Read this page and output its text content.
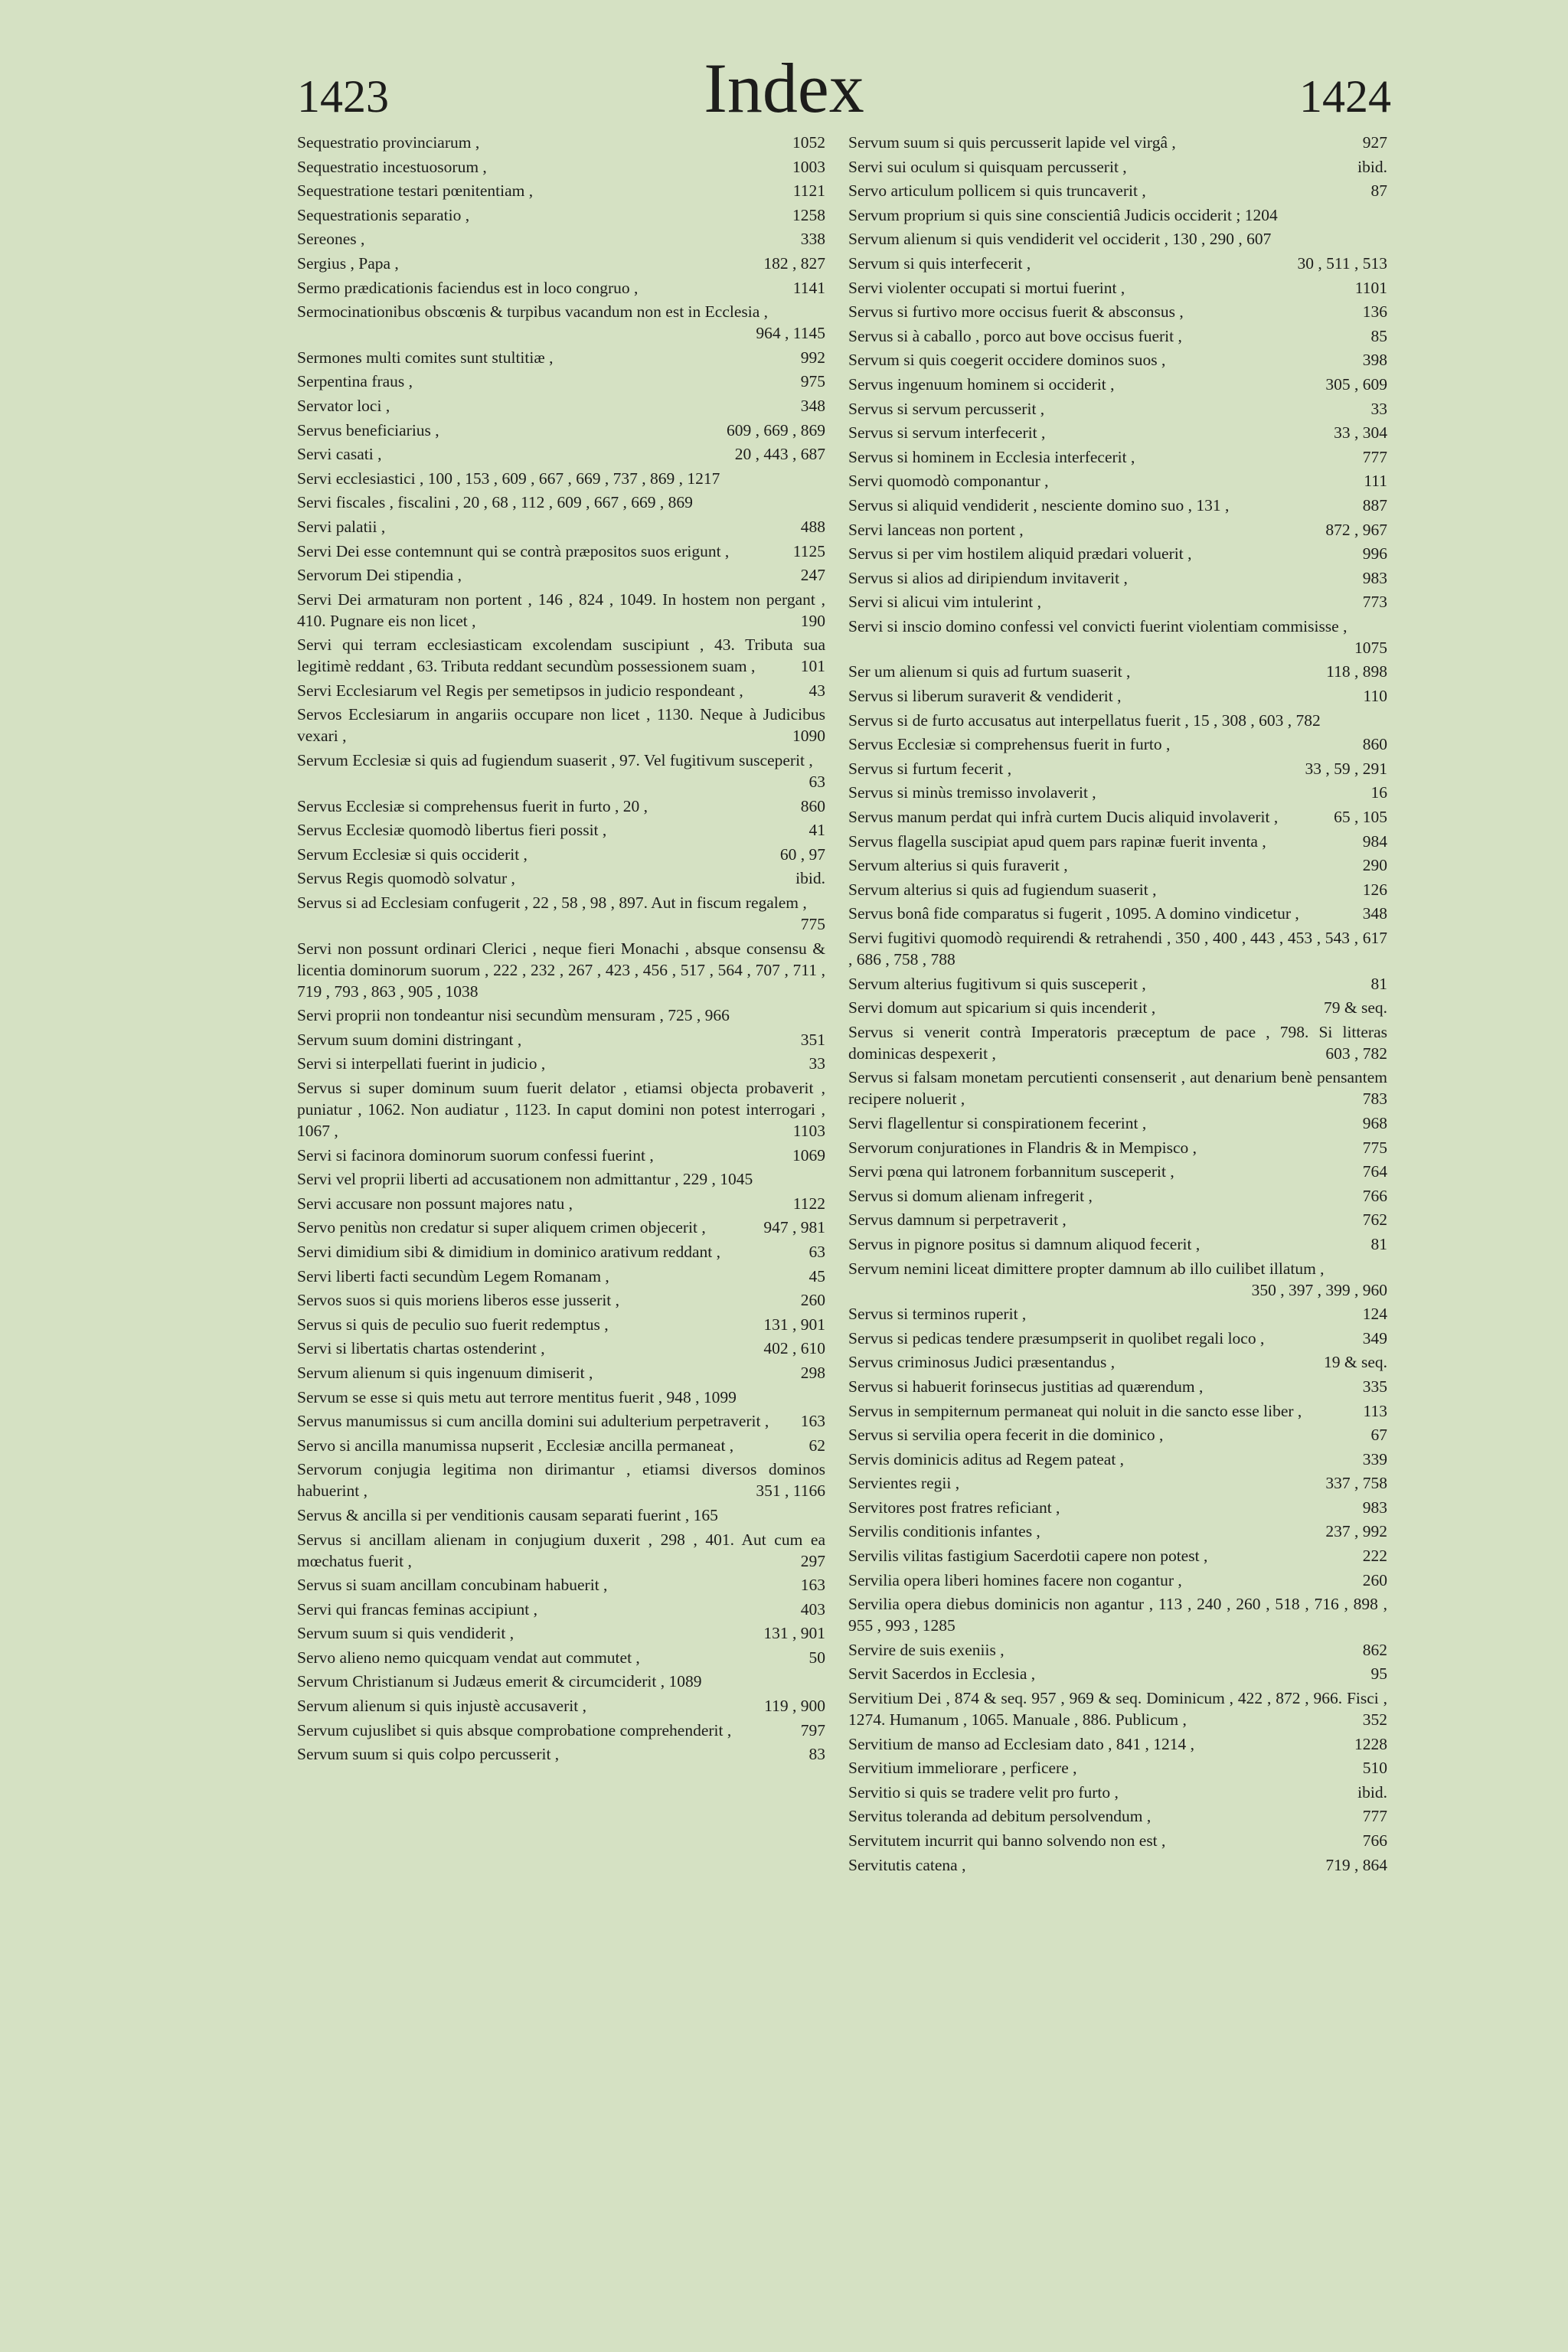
1423	Index	1424
Sequestratio provinciarum ,	1052
Sequestratio incestuosorum ,	1003
Sequestratione testari pœnitentiam ,	1121
Sequestrationis separatio ,	1258
Sereones ,	338
Sergius , Papa ,	182 , 827
Sermo prædicationis faciendus est in loco congruo ,	1141
Sermocinationibus obscœnis & turpibus vacandum non est in Ecclesia ,
964 , 1145
Sermones multi comites sunt stultitiæ ,	992
Serpentina fraus ,	975
Servator loci ,	348
Servus beneficiarius ,	609 , 669 , 869
Servi casati ,	20 , 443 , 687
Servi ecclesiastici , 100 , 153 , 609 , 667 , 669 , 737 , 869 , 1217
Servi fiscales , fiscalini , 20 , 68 , 112 , 609 , 667 , 669 , 869
Servi palatii ,	488
Servi Dei esse contemnunt qui se contrà præpositos suos erigunt ,	1125
Servorum Dei stipendia ,	247
Servi Dei armaturam non portent , 146 , 824 , 1049. In hostem non pergant , 410. Pugnare eis non licet ,	190
Servi qui terram ecclesiasticam excolendam suscipiunt , 43. Tributa sua legitimè reddant , 63. Tributa reddant secundùm possessionem suam ,	101
Servi Ecclesiarum vel Regis per semetipsos in judicio respondeant ,	43
Servos Ecclesiarum in angariis occupare non licet , 1130. Neque à Judicibus vexari ,	1090
Servum Ecclesiæ si quis ad fugiendum suaserit , 97. Vel fugitivum susceperit ,
63
Servus Ecclesiæ si comprehensus fuerit in furto , 20 ,	860
Servus Ecclesiæ quomodò libertus fieri possit ,	41
Servum Ecclesiæ si quis occiderit ,	60 , 97
Servus Regis quomodò solvatur ,	ibid.
Servus si ad Ecclesiam confugerit , 22 , 58 , 98 , 897. Aut in fiscum regalem ,
775
Servi non possunt ordinari Clerici , neque fieri Monachi , absque consensu & licentia dominorum suorum , 222 , 232 , 267 , 423 , 456 , 517 , 564 , 707 , 711 , 719 , 793 , 863 , 905 , 1038
Servi proprii non tondeantur nisi secundùm mensuram , 725 , 966
Servum suum domini distringant ,	351
Servi si interpellati fuerint in judicio ,	33
Servus si super dominum suum fuerit delator , etiamsi objecta probaverit , puniatur , 1062. Non audiatur , 1123. In caput domini non potest interrogari , 1067 ,	1103
Servi si facinora dominorum suorum confessi fuerint ,	1069
Servi vel proprii liberti ad accusationem non admittantur , 229 , 1045
Servi accusare non possunt majores natu ,	1122
Servo penitùs non credatur si super aliquem crimen objecerit ,	947 , 981
Servi dimidium sibi & dimidium in dominico arativum reddant ,	63
Servi liberti facti secundùm Legem Romanam ,	45
Servos suos si quis moriens liberos esse jusserit ,	260
Servus si quis de peculio suo fuerit redemptus ,	131 , 901
Servi si libertatis chartas ostenderint ,	402 , 610
Servum alienum si quis ingenuum dimiserit ,	298
Servum se esse si quis metu aut terrore mentitus fuerit , 948 , 1099
Servus manumissus si cum ancilla domini sui adulterium perpetraverit ,	163
Servo si ancilla manumissa nupserit , Ecclesiæ ancilla permaneat ,	62
Servorum conjugia legitima non dirimantur , etiamsi diversos dominos habuerint ,	351 , 1166
Servus & ancilla si per venditionis causam separati fuerint , 165
Servus si ancillam alienam in conjugium duxerit , 298 , 401. Aut cum ea mœchatus fuerit ,	297
Servus si suam ancillam concubinam habuerit ,	163
Servi qui francas feminas accipiunt ,	403
Servum suum si quis vendiderit ,	131 , 901
Servo alieno nemo quicquam vendat aut commutet ,	50
Servum Christianum si Judæus emerit & circumciderit , 1089
Servum alienum si quis injustè accusaverit ,	119 , 900
Servum cujuslibet si quis absque comprobatione comprehenderit ,	797
Servum suum si quis colpo percusserit ,	83
Servum suum si quis percusserit lapide vel virgâ ,	927
Servi sui oculum si quisquam percusserit ,	ibid.
Servo articulum pollicem si quis truncaverit ,	87
Servum proprium si quis sine conscientiâ Judicis occiderit ; 1204
Servum alienum si quis vendiderit vel occiderit , 130 , 290 , 607
Servum si quis interfecerit ,	30 , 511 , 513
Servi violenter occupati si mortui fuerint ,	1101
Servus si furtivo more occisus fuerit & absconsus ,	136
Servus si à caballo , porco aut bove occisus fuerit ,	85
Servum si quis coegerit occidere dominos suos ,	398
Servus ingenuum hominem si occiderit ,	305 , 609
Servus si servum percusserit ,	33
Servus si servum interfecerit ,	33 , 304
Servus si hominem in Ecclesia interfecerit ,	777
Servi quomodò componantur ,	111
Servus si aliquid vendiderit , nesciente domino suo , 131 ,	887
Servi lanceas non portent ,	872 , 967
Servus si per vim hostilem aliquid prædari voluerit ,	996
Servus si alios ad diripiendum invitaverit ,	983
Servi si alicui vim intulerint ,	773
Servi si inscio domino confessi vel convicti fuerint violentiam commisisse ,
1075
Ser um alienum si quis ad furtum suaserit ,	118 , 898
Servus si liberum suraverit & vendiderit ,	110
Servus si de furto accusatus aut interpellatus fuerit , 15 , 308 , 603 , 782
Servus Ecclesiæ si comprehensus fuerit in furto ,	860
Servus si furtum fecerit ,	33 , 59 , 291
Servus si minùs tremisso involaverit ,	16
Servus manum perdat qui infrà curtem Ducis aliquid involaverit ,	65 , 105
Servus flagella suscipiat apud quem pars rapinæ fuerit inventa ,	984
Servum alterius si quis furaverit ,	290
Servum alterius si quis ad fugiendum suaserit ,	126
Servus bonâ fide comparatus si fugerit , 1095. A domino vindicetur ,	348
Servi fugitivi quomodò requirendi & retrahendi , 350 , 400 , 443 , 453 , 543 , 617 , 686 , 758 , 788
Servum alterius fugitivum si quis susceperit ,	81
Servi domum aut spicarium si quis incenderit ,	79 & seq.
Servus si venerit contrà Imperatoris præceptum de pace , 798. Si litteras dominicas despexerit ,	603 , 782
Servus si falsam monetam percutienti consenserit , aut denarium benè pensantem recipere noluerit ,	783
Servi flagellentur si conspirationem fecerint ,	968
Servorum conjurationes in Flandris & in Mempisco ,	775
Servi pœna qui latronem forbannitum susceperit ,	764
Servus si domum alienam infregerit ,	766
Servus damnum si perpetraverit ,	762
Servus in pignore positus si damnum aliquod fecerit ,	81
Servum nemini liceat dimittere propter damnum ab illo cuilibet illatum ,
350 , 397 , 399 , 960
Servus si terminos ruperit ,	124
Servus si pedicas tendere præsumpserit in quolibet regali loco ,	349
Servus criminosus Judici præsentandus ,	19 & seq.
Servus si habuerit forinsecus justitias ad quærendum ,	335
Servus in sempiternum permaneat qui noluit in die sancto esse liber ,	113
Servus si servilia opera fecerit in die dominico ,	67
Servis dominicis aditus ad Regem pateat ,	339
Servientes regii ,	337 , 758
Servitores post fratres reficiant ,	983
Servilis conditionis infantes ,	237 , 992
Servilis vilitas fastigium Sacerdotii capere non potest ,	222
Servilia opera liberi homines facere non cogantur ,	260
Servilia opera diebus dominicis non agantur , 113 , 240 , 260 , 518 , 716 , 898 , 955 , 993 , 1285
Servire de suis exeniis ,	862
Servit Sacerdos in Ecclesia ,	95
Servitium Dei , 874 & seq. 957 , 969 & seq. Dominicum , 422 , 872 , 966. Fisci , 1274. Humanum , 1065. Manuale , 886. Publicum ,	352
Servitium de manso ad Ecclesiam dato , 841 , 1214 ,	1228
Servitium immeliorare , perficere ,	510
Servitio si quis se tradere velit pro furto ,	ibid.
Servitus toleranda ad debitum persolvendum ,	777
Servitutem incurrit qui banno solvendo non est ,	766
Servitutis catena ,	719 , 864
